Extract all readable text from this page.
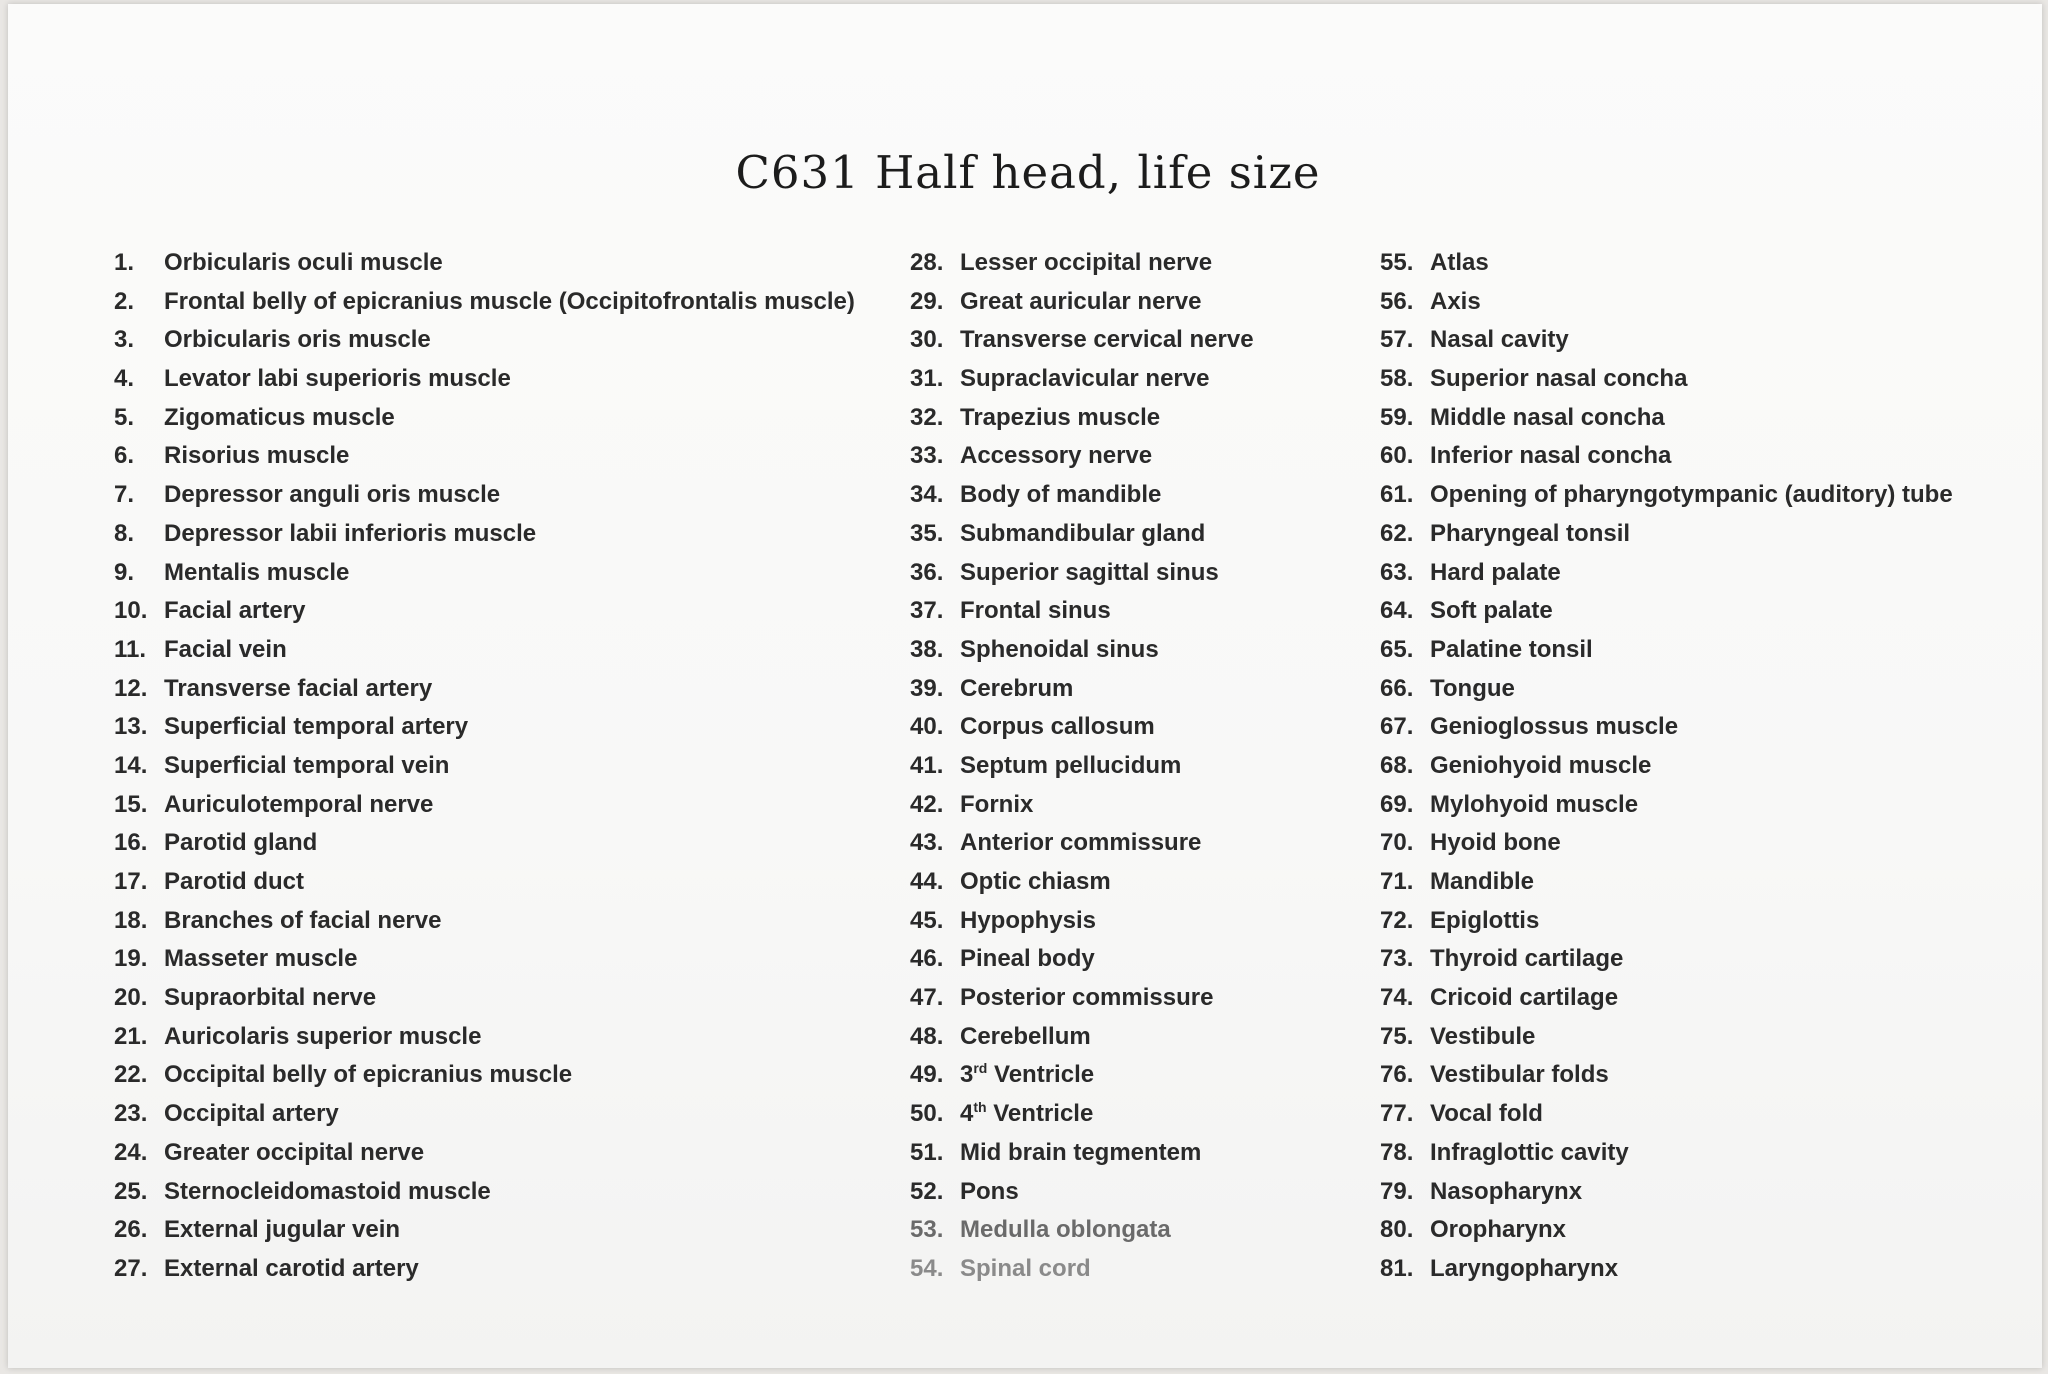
C631 Half head, life size
1. Orbicularis oculi muscle
2. Frontal belly of epicranius muscle (Occipitofrontalis muscle)
3. Orbicularis oris muscle
4. Levator labi superioris muscle
5. Zigomaticus muscle
6. Risorius muscle
7. Depressor anguli oris muscle
8. Depressor labii inferioris muscle
9. Mentalis muscle
10. Facial artery
11. Facial vein
12. Transverse facial artery
13. Superficial temporal artery
14. Superficial temporal vein
15. Auriculotemporal nerve
16. Parotid gland
17. Parotid duct
18. Branches of facial nerve
19. Masseter muscle
20. Supraorbital nerve
21. Auricolaris superior muscle
22. Occipital belly of epicranius muscle
23. Occipital artery
24. Greater occipital nerve
25. Sternocleidomastoid muscle
26. External jugular vein
27. External carotid artery
28. Lesser occipital nerve
29. Great auricular nerve
30. Transverse cervical nerve
31. Supraclavicular nerve
32. Trapezius muscle
33. Accessory nerve
34. Body of mandible
35. Submandibular gland
36. Superior sagittal sinus
37. Frontal sinus
38. Sphenoidal sinus
39. Cerebrum
40. Corpus callosum
41. Septum pellucidum
42. Fornix
43. Anterior commissure
44. Optic chiasm
45. Hypophysis
46. Pineal body
47. Posterior commissure
48. Cerebellum
49. 3rd Ventricle
50. 4th Ventricle
51. Mid brain tegmentem
52. Pons
53. Medulla oblongata
54. Spinal cord
55. Atlas
56. Axis
57. Nasal cavity
58. Superior nasal concha
59. Middle nasal concha
60. Inferior nasal concha
61. Opening of pharyngotympanic (auditory) tube
62. Pharyngeal tonsil
63. Hard palate
64. Soft palate
65. Palatine tonsil
66. Tongue
67. Genioglossus muscle
68. Geniohyoid muscle
69. Mylohyoid muscle
70. Hyoid bone
71. Mandible
72. Epiglottis
73. Thyroid cartilage
74. Cricoid cartilage
75. Vestibule
76. Vestibular folds
77. Vocal fold
78. Infraglottic cavity
79. Nasopharynx
80. Oropharynx
81. Laryngopharynx
